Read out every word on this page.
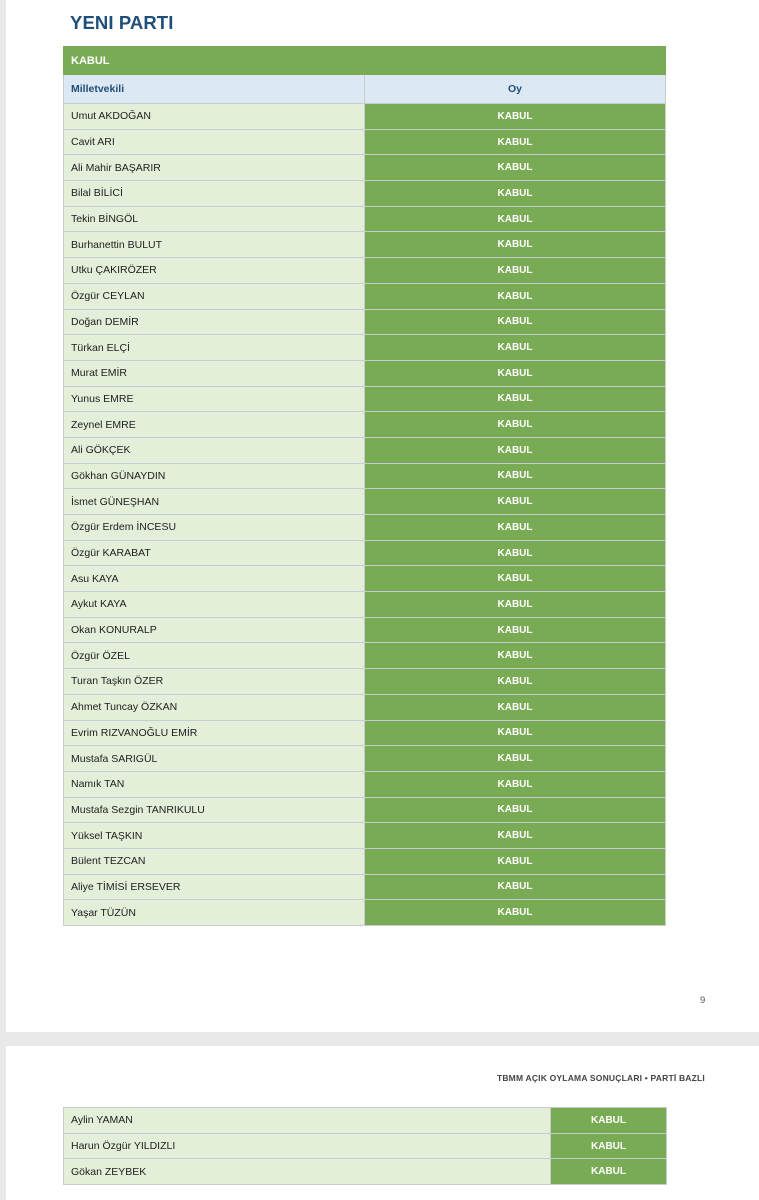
YENI PARTI
KABUL	
Milletvekili	Oy
Umut AKDOĞAN	KABUL
Cavit ARI	KABUL
Ali Mahir BAŞARIR	KABUL
Bilal BİLİCİ	KABUL
Tekin BİNGÖL	KABUL
Burhanettin BULUT	KABUL
Utku ÇAKIRÖZER	KABUL
Özgür CEYLAN	KABUL
Doğan DEMİR	KABUL
Türkan ELÇİ	KABUL
Murat EMİR	KABUL
Yunus EMRE	KABUL
Zeynel EMRE	KABUL
Ali GÖKÇEK	KABUL
Gökhan GÜNAYDIN	KABUL
İsmet GÜNEŞHAN	KABUL
Özgür Erdem İNCESU	KABUL
Özgür KARABAT	KABUL
Asu KAYA	KABUL
Aykut KAYA	KABUL
Okan KONURALP	KABUL
Özgür ÖZEL	KABUL
Turan Taşkın ÖZER	KABUL
Ahmet Tuncay ÖZKAN	KABUL
Evrim RIZVANOĞLU EMİR	KABUL
Mustafa SARIGÜL	KABUL
Namık TAN	KABUL
Mustafa Sezgin TANRIKULU	KABUL
Yüksel TAŞKIN	KABUL
Bülent TEZCAN	KABUL
Aliye TİMİSİ ERSEVER	KABUL
Yaşar TÜZÜN	KABUL
9
TBMM AÇIK OYLAMA SONUÇLARI • PARTİ BAZLI
Aylin YAMAN	KABUL
Harun Özgür YILDIZLI	KABUL
Gökan ZEYBEK	KABUL
